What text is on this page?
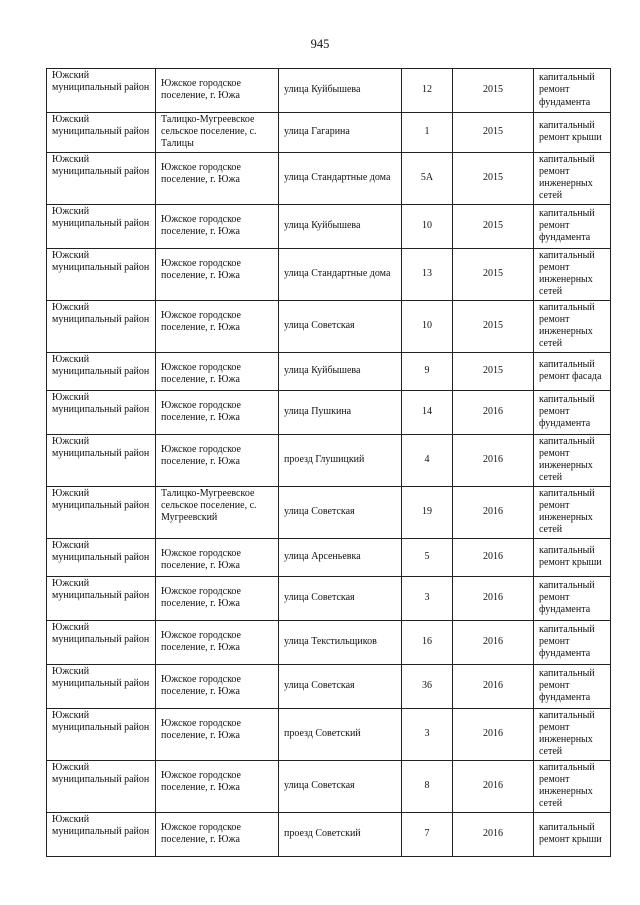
945
Южский муниципальный район	Южское городское поселение, г. Южа	улица Куйбышева	12	2015	капитальный ремонт фундамента
Южский муниципальный район	Талицко-Мугреевское сельское поселение, с. Талицы	улица Гагарина	1	2015	капитальный ремонт крыши
Южский муниципальный район	Южское городское поселение, г. Южа	улица Стандартные дома	5А	2015	капитальный ремонт инженерных сетей
Южский муниципальный район	Южское городское поселение, г. Южа	улица Куйбышева	10	2015	капитальный ремонт фундамента
Южский муниципальный район	Южское городское поселение, г. Южа	улица Стандартные дома	13	2015	капитальный ремонт инженерных сетей
Южский муниципальный район	Южское городское поселение, г. Южа	улица Советская	10	2015	капитальный ремонт инженерных сетей
Южский муниципальный район	Южское городское поселение, г. Южа	улица Куйбышева	9	2015	капитальный ремонт фасада
Южский муниципальный район	Южское городское поселение, г. Южа	улица Пушкина	14	2016	капитальный ремонт фундамента
Южский муниципальный район	Южское городское поселение, г. Южа	проезд Глушицкий	4	2016	капитальный ремонт инженерных сетей
Южский муниципальный район	Талицко-Мугреевское сельское поселение, с. Мугреевский	улица Советская	19	2016	капитальный ремонт инженерных сетей
Южский муниципальный район	Южское городское поселение, г. Южа	улица Арсеньевка	5	2016	капитальный ремонт крыши
Южский муниципальный район	Южское городское поселение, г. Южа	улица Советская	3	2016	капитальный ремонт фундамента
Южский муниципальный район	Южское городское поселение, г. Южа	улица Текстильщиков	16	2016	капитальный ремонт фундамента
Южский муниципальный район	Южское городское поселение, г. Южа	улица Советская	36	2016	капитальный ремонт фундамента
Южский муниципальный район	Южское городское поселение, г. Южа	проезд Советский	3	2016	капитальный ремонт инженерных сетей
Южский муниципальный район	Южское городское поселение, г. Южа	улица Советская	8	2016	капитальный ремонт инженерных сетей
Южский муниципальный район	Южское городское поселение, г. Южа	проезд Советский	7	2016	капитальный ремонт крыши
